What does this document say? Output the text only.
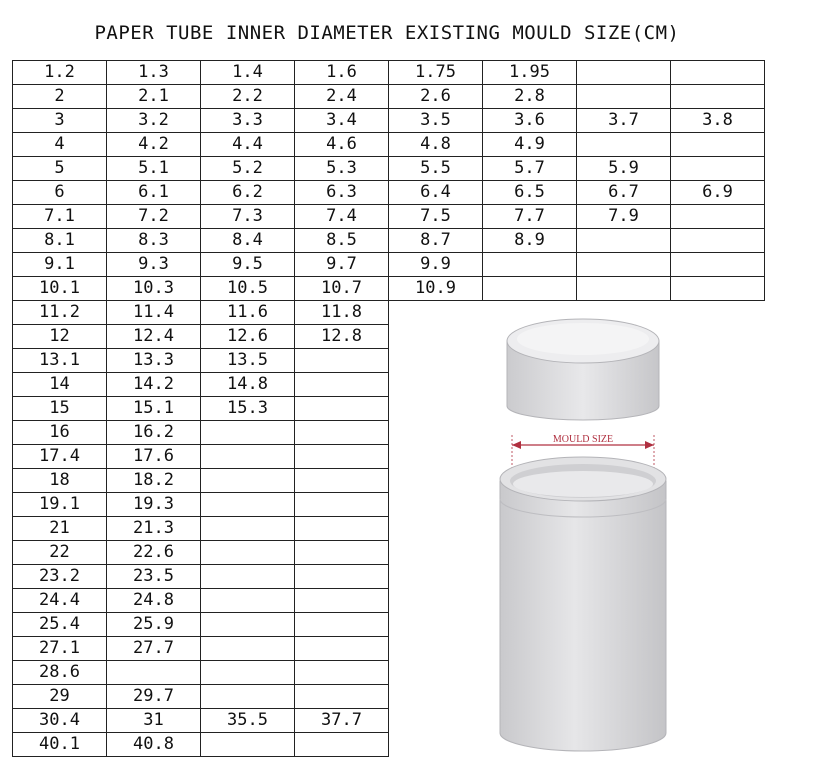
PAPER TUBE INNER DIAMETER EXISTING MOULD SIZE(CM)
1.2	1.3	1.4	1.6	1.75	1.95		
2	2.1	2.2	2.4	2.6	2.8		
3	3.2	3.3	3.4	3.5	3.6	3.7	3.8
4	4.2	4.4	4.6	4.8	4.9		
5	5.1	5.2	5.3	5.5	5.7	5.9	
6	6.1	6.2	6.3	6.4	6.5	6.7	6.9
7.1	7.2	7.3	7.4	7.5	7.7	7.9	
8.1	8.3	8.4	8.5	8.7	8.9		
9.1	9.3	9.5	9.7	9.9			
10.1	10.3	10.5	10.7	10.9			
11.2	11.4	11.6	11.8				
12	12.4	12.6	12.8				
13.1	13.3	13.5					
14	14.2	14.8					
15	15.1	15.3					
16	16.2						
17.4	17.6						
18	18.2						
19.1	19.3						
21	21.3						
22	22.6						
23.2	23.5						
24.4	24.8						
25.4	25.9						
27.1	27.7						
28.6							
29	29.7						
30.4	31	35.5	37.7				
40.1	40.8						
MOULD SIZE
